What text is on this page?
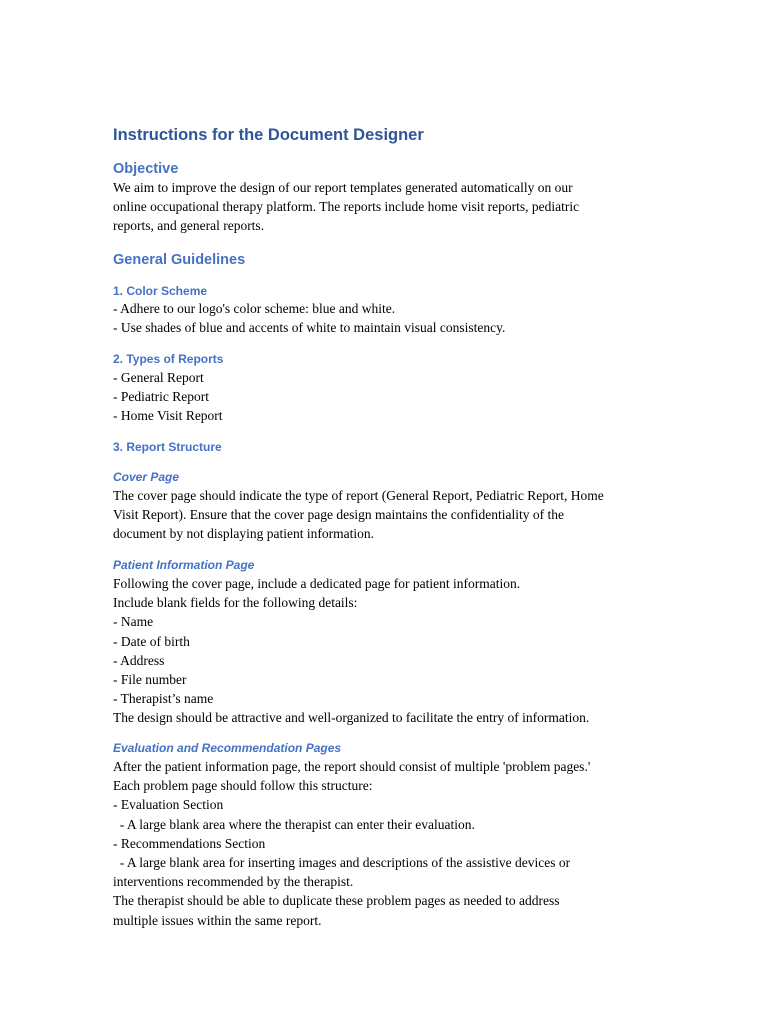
Instructions for the Document Designer
Objective
We aim to improve the design of our report templates generated automatically on our
online occupational therapy platform. The reports include home visit reports, pediatric
reports, and general reports.
General Guidelines
1. Color Scheme
- Adhere to our logo's color scheme: blue and white.
- Use shades of blue and accents of white to maintain visual consistency.
2. Types of Reports
- General Report
- Pediatric Report
- Home Visit Report
3. Report Structure
Cover Page
The cover page should indicate the type of report (General Report, Pediatric Report, Home
Visit Report). Ensure that the cover page design maintains the confidentiality of the
document by not displaying patient information.
Patient Information Page
Following the cover page, include a dedicated page for patient information.
Include blank fields for the following details:
- Name
- Date of birth
- Address
- File number
- Therapist’s name
The design should be attractive and well-organized to facilitate the entry of information.
Evaluation and Recommendation Pages
After the patient information page, the report should consist of multiple 'problem pages.'
Each problem page should follow this structure:
- Evaluation Section
- A large blank area where the therapist can enter their evaluation.
- Recommendations Section
- A large blank area for inserting images and descriptions of the assistive devices or
interventions recommended by the therapist.
The therapist should be able to duplicate these problem pages as needed to address
multiple issues within the same report.
